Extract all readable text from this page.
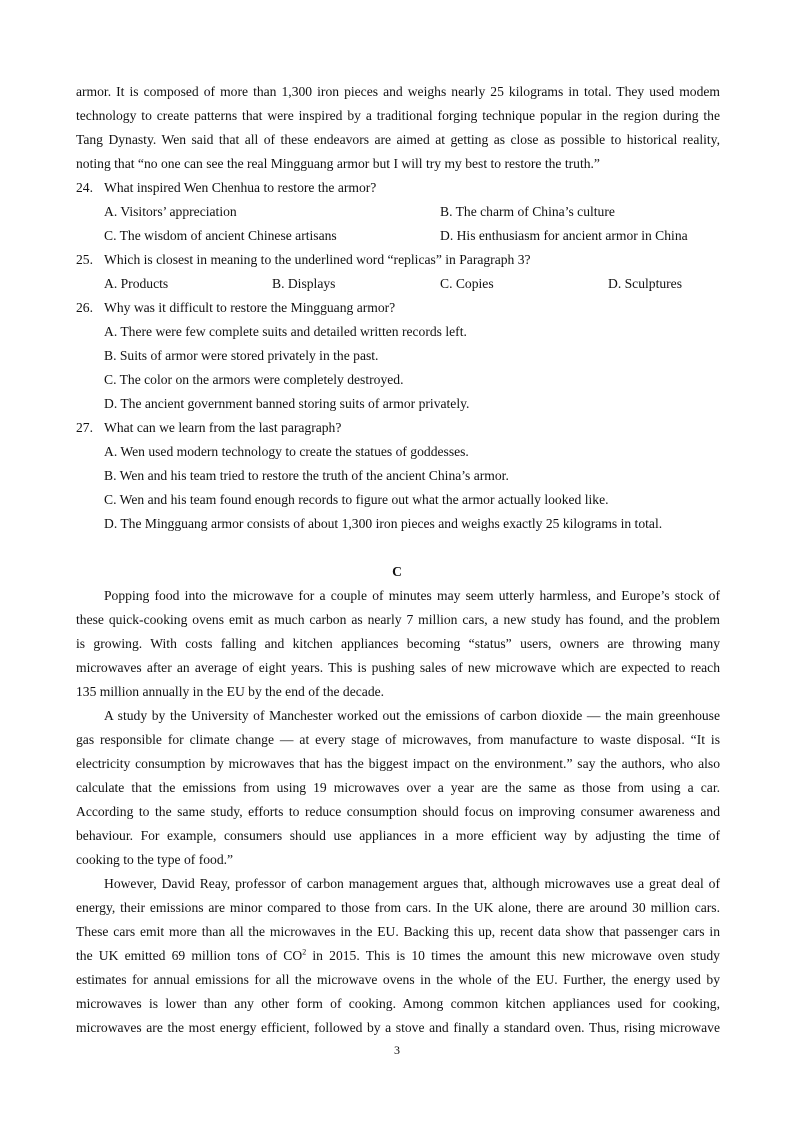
armor. It is composed of more than 1,300 iron pieces and weighs nearly 25 kilograms in total. They used modem
technology to create patterns that were inspired by a traditional forging technique popular in the region during the
Tang Dynasty. Wen said that all of these endeavors are aimed at getting as close as possible to historical reality,
noting that “no one can see the real Mingguang armor but I will try my best to restore the truth.”
24. What inspired Wen Chenhua to restore the armor?
A. Visitors’ appreciation	B. The charm of China’s culture
C. The wisdom of ancient Chinese artisans	D. His enthusiasm for ancient armor in China
25. Which is closest in meaning to the underlined word “replicas” in Paragraph 3?
A. Products	B. Displays	C. Copies	D. Sculptures
26. Why was it difficult to restore the Mingguang armor?
A. There were few complete suits and detailed written records left.
B. Suits of armor were stored privately in the past.
C. The color on the armors were completely destroyed.
D. The ancient government banned storing suits of armor privately.
27. What can we learn from the last paragraph?
A. Wen used modern technology to create the statues of goddesses.
B. Wen and his team tried to restore the truth of the ancient China’s armor.
C. Wen and his team found enough records to figure out what the armor actually looked like.
D. The Mingguang armor consists of about 1,300 iron pieces and weighs exactly 25 kilograms in total.
C
Popping food into the microwave for a couple of minutes may seem utterly harmless, and Europe’s stock of
these quick-cooking ovens emit as much carbon as nearly 7 million cars, a new study has found, and the problem
is growing. With costs falling and kitchen appliances becoming “status” users, owners are throwing many
microwaves after an average of eight years. This is pushing sales of new microwave which are expected to reach
135 million annually in the EU by the end of the decade.
A study by the University of Manchester worked out the emissions of carbon dioxide — the main greenhouse
gas responsible for climate change — at every stage of microwaves, from manufacture to waste disposal. “It is
electricity consumption by microwaves that has the biggest impact on the environment.” say the authors, who also
calculate that the emissions from using 19 microwaves over a year are the same as those from using a car.
According to the same study, efforts to reduce consumption should focus on improving consumer awareness and
behaviour. For example, consumers should use appliances in a more efficient way by adjusting the time of
cooking to the type of food.”
However, David Reay, professor of carbon management argues that, although microwaves use a great deal of
energy, their emissions are minor compared to those from cars. In the UK alone, there are around 30 million cars.
These cars emit more than all the microwaves in the EU. Backing this up, recent data show that passenger cars in
the UK emitted 69 million tons of $CO^2$ in 2015. This is 10 times the amount this new microwave oven study
estimates for annual emissions for all the microwave ovens in the whole of the EU. Further, the energy used by
microwaves is lower than any other form of cooking. Among common kitchen appliances used for cooking,
microwaves are the most energy efficient, followed by a stove and finally a standard oven. Thus, rising microwave
3
